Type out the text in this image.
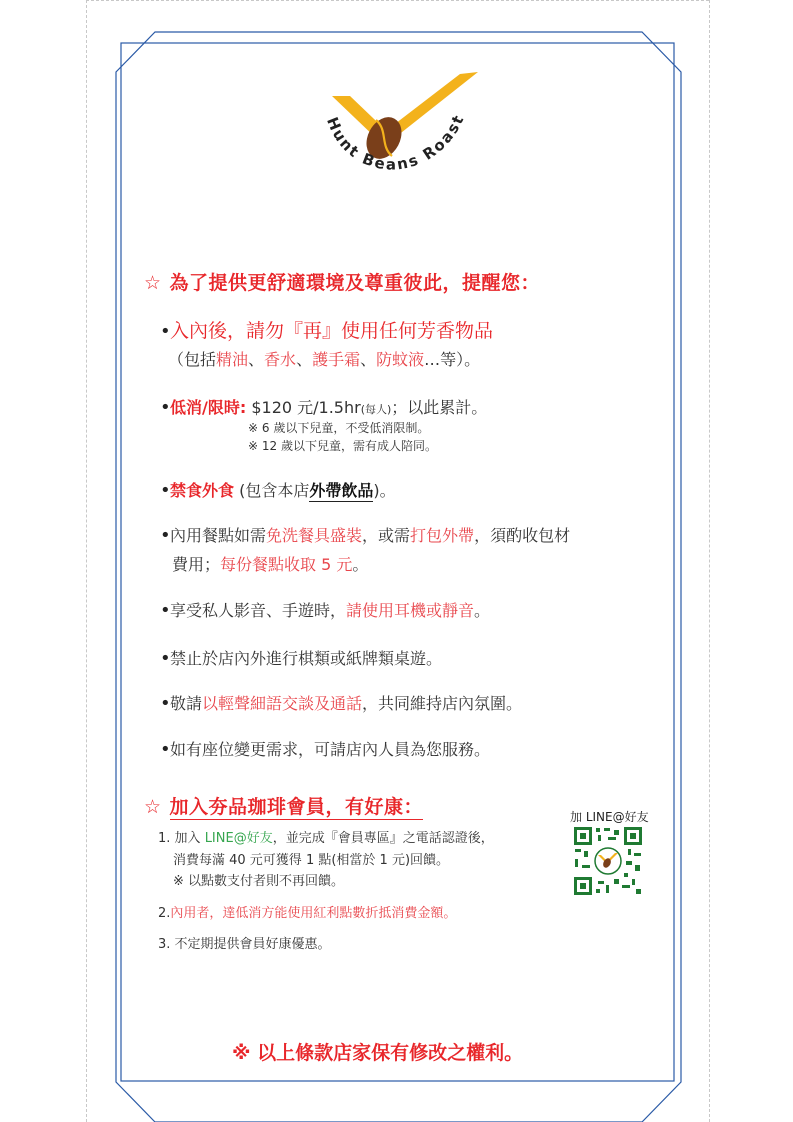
Hunt Beans Roast
☆ 為了提供更舒適環境及尊重彼此，提醒您：
•入內後，請勿『再』使用任何芳香物品
（包括精油、香水、護手霜、防蚊液…等）。
•低消/限時: $120 元/1.5hr(每人)；以此累計。
※ 6 歲以下兒童，不受低消限制。
※ 12 歲以下兒童，需有成人陪同。
•禁食外食 (包含本店外帶飲品)。
•內用餐點如需免洗餐具盛裝，或需打包外帶，須酌收包材
費用；每份餐點收取 5 元。
•享受私人影音、手遊時，請使用耳機或靜音。
•禁止於店內外進行棋類或紙牌類桌遊。
•敬請以輕聲細語交談及通話，共同維持店內氛圍。
•如有座位變更需求，可請店內人員為您服務。
☆ 加入夯品珈琲會員，有好康：	加 LINE@好友
1. 加入 LINE@好友，並完成『會員專區』之電話認證後，
消費每滿 40 元可獲得 1 點(相當於 1 元)回饋。
※ 以點數支付者則不再回饋。
2.內用者，達低消方能使用紅利點數折抵消費金額。
3. 不定期提供會員好康優惠。
※ 以上條款店家保有修改之權利。
